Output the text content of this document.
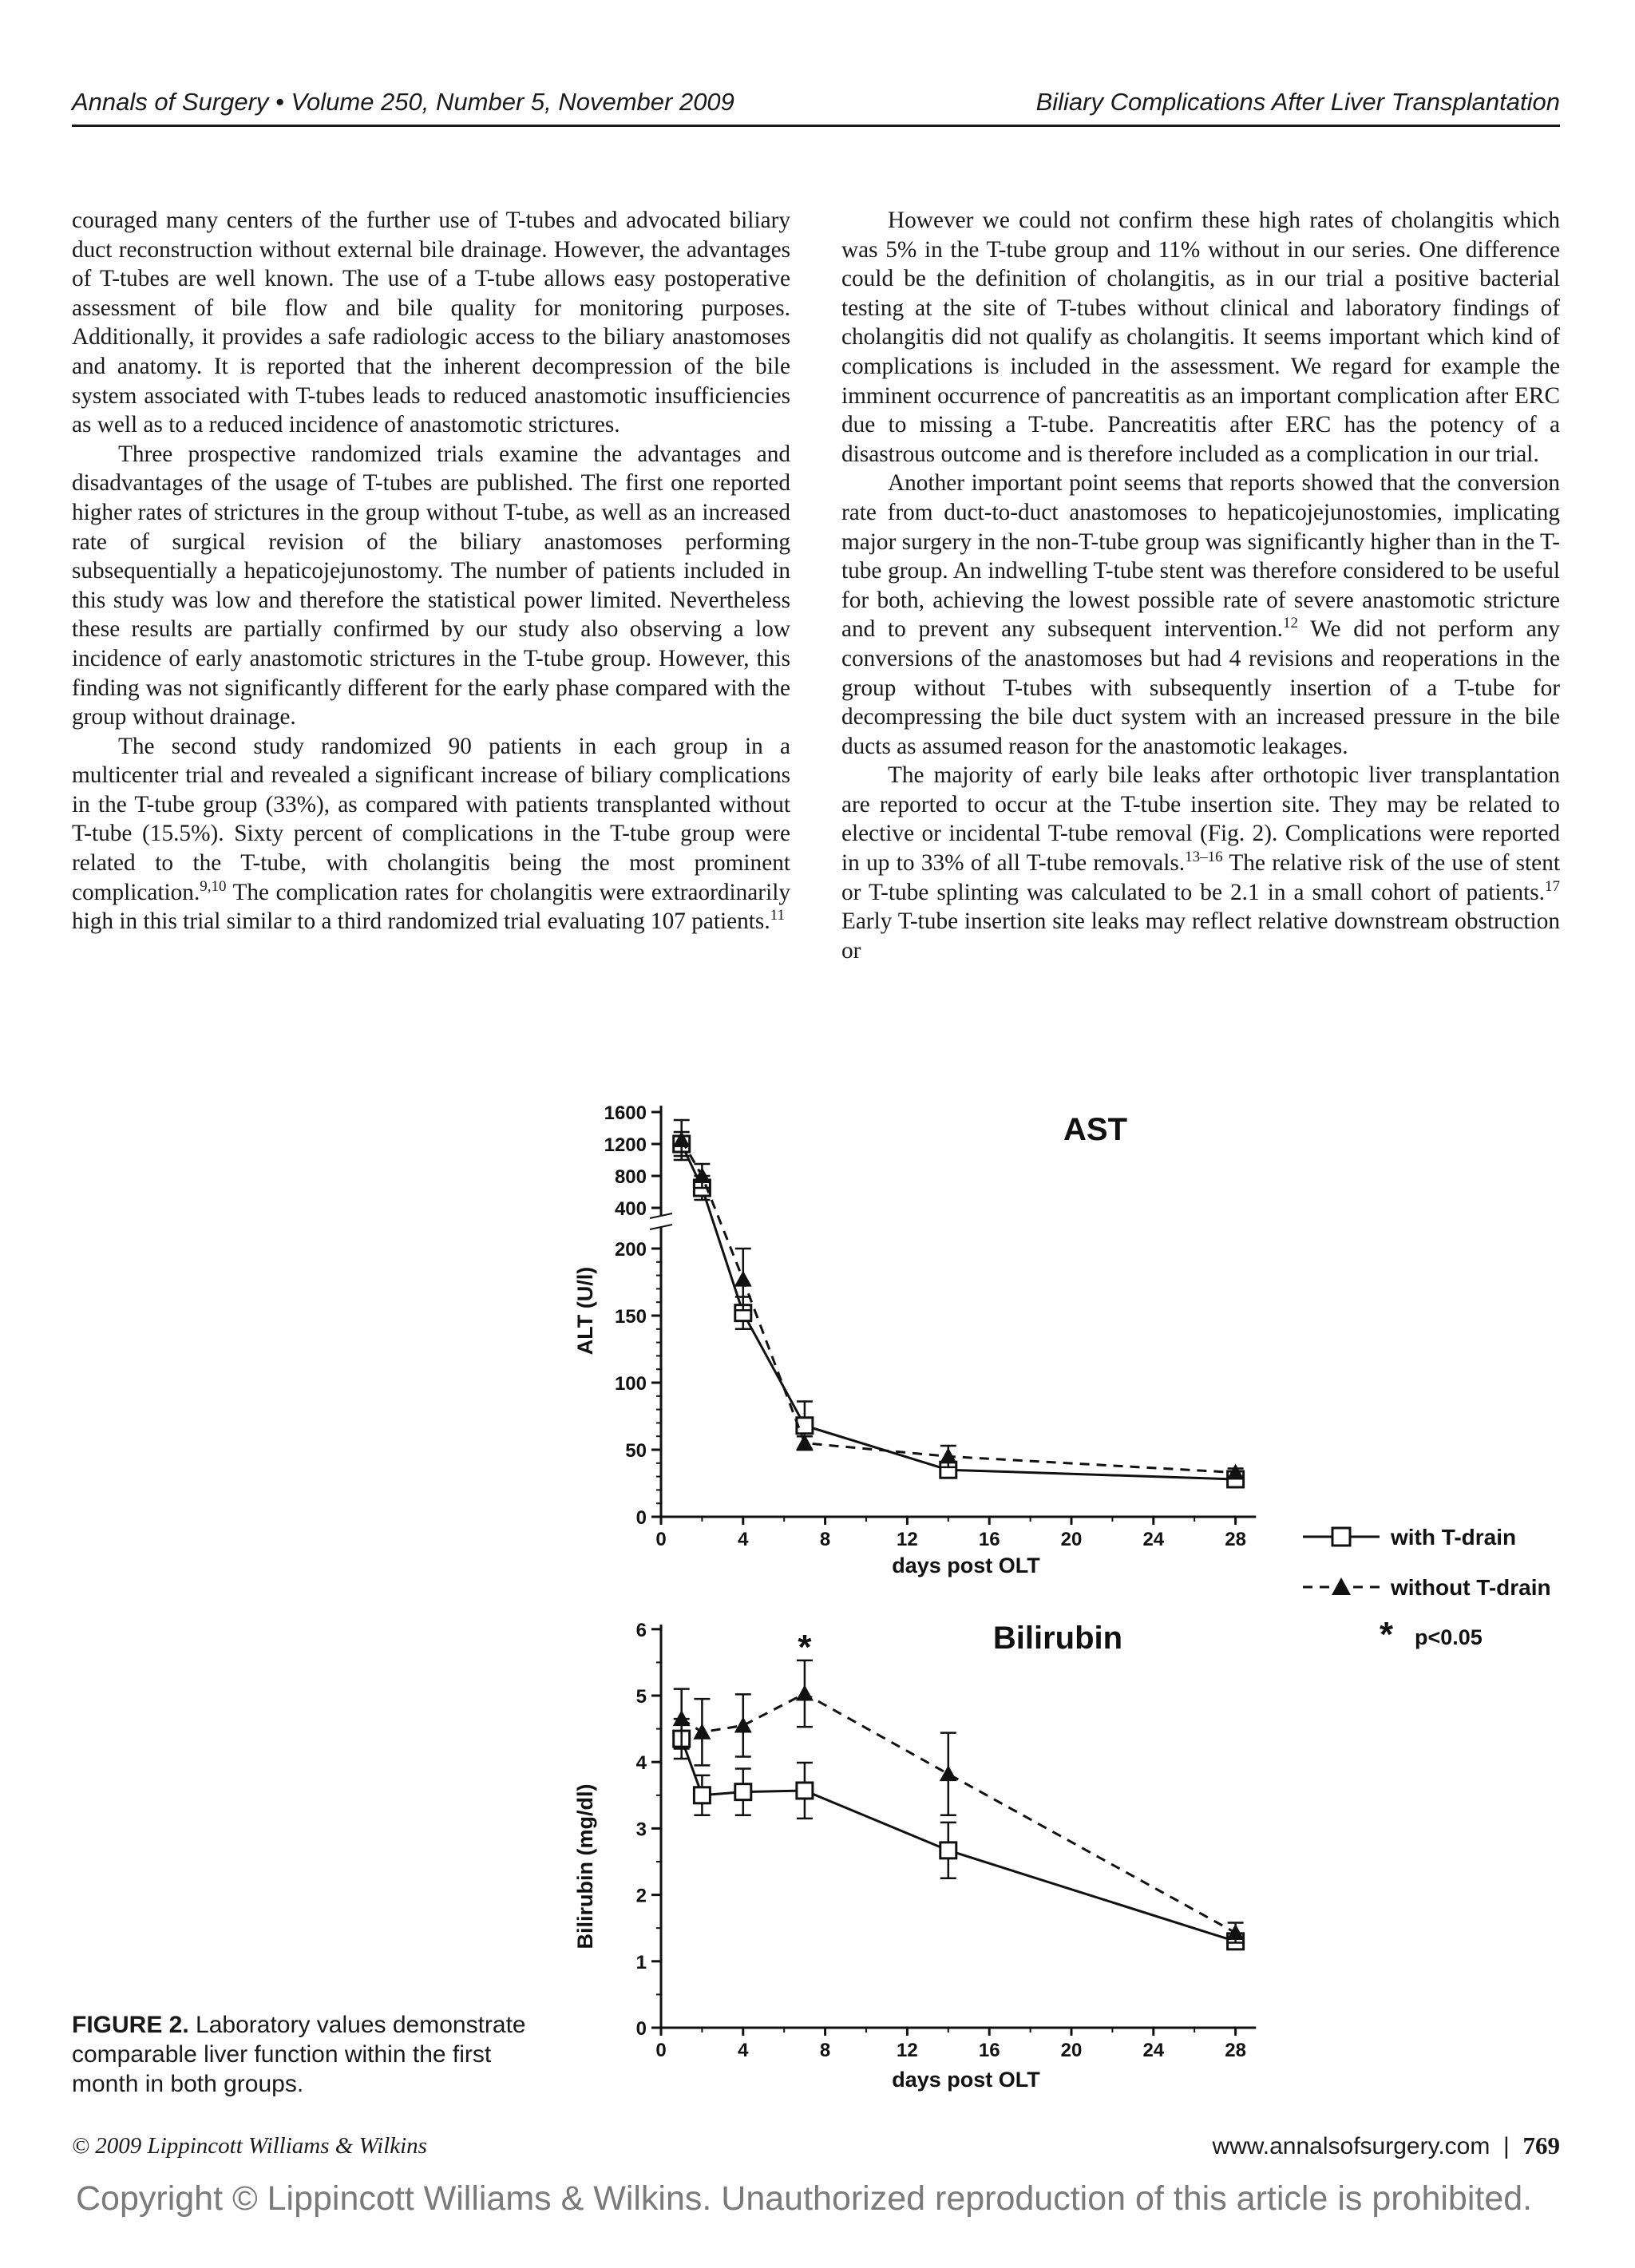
Annals of Surgery • Volume 250, Number 5, November 2009	Biliary Complications After Liver Transplantation

couraged many centers of the further use of T-tubes and advocated biliary duct reconstruction without external bile drainage. However, the advantages of T-tubes are well known. The use of a T-tube allows easy postoperative assessment of bile flow and bile quality for monitoring purposes. Additionally, it provides a safe radiologic access to the biliary anastomoses and anatomy. It is reported that the inherent decompression of the bile system associated with T-tubes leads to reduced anastomotic insufficiencies as well as to a reduced incidence of anastomotic strictures.

Three prospective randomized trials examine the advantages and disadvantages of the usage of T-tubes are published. The first one reported higher rates of strictures in the group without T-tube, as well as an increased rate of surgical revision of the biliary anastomoses performing subsequentially a hepaticojejunostomy. The number of patients included in this study was low and therefore the statistical power limited. Nevertheless these results are partially confirmed by our study also observing a low incidence of early anastomotic strictures in the T-tube group. However, this finding was not significantly different for the early phase compared with the group without drainage.

The second study randomized 90 patients in each group in a multicenter trial and revealed a significant increase of biliary complications in the T-tube group (33%), as compared with patients transplanted without T-tube (15.5%). Sixty percent of complications in the T-tube group were related to the T-tube, with cholangitis being the most prominent complication.$^{9,10}$ The complication rates for cholangitis were extraordinarily high in this trial similar to a third randomized trial evaluating 107 patients.$^{11}$

However we could not confirm these high rates of cholangitis which was 5% in the T-tube group and 11% without in our series. One difference could be the definition of cholangitis, as in our trial a positive bacterial testing at the site of T-tubes without clinical and laboratory findings of cholangitis did not qualify as cholangitis. It seems important which kind of complications is included in the assessment. We regard for example the imminent occurrence of pancreatitis as an important complication after ERC due to missing a T-tube. Pancreatitis after ERC has the potency of a disastrous outcome and is therefore included as a complication in our trial.

Another important point seems that reports showed that the conversion rate from duct-to-duct anastomoses to hepaticojejunostomies, implicating major surgery in the non-T-tube group was significantly higher than in the T-tube group. An indwelling T-tube stent was therefore considered to be useful for both, achieving the lowest possible rate of severe anastomotic stricture and to prevent any subsequent intervention.$^{12}$ We did not perform any conversions of the anastomoses but had 4 revisions and reoperations in the group without T-tubes with subsequently insertion of a T-tube for decompressing the bile duct system with an increased pressure in the bile ducts as assumed reason for the anastomotic leakages.

The majority of early bile leaks after orthotopic liver transplantation are reported to occur at the T-tube insertion site. They may be related to elective or incidental T-tube removal (Fig. 2). Complications were reported in up to 33% of all T-tube removals.$^{13-16}$ The relative risk of the use of stent or T-tube splinting was calculated to be 2.1 in a small cohort of patients.$^{17}$ Early T-tube insertion site leaks may reflect relative downstream obstruction or

AST
ALT (U/l)
days post OLT
0	4	8	12	16	20	24	28
0
50
100
150
200
400
800
1200
1600
with T-drain
without T-drain
* p<0.05
Bilirubin
Bilirubin (mg/dl)
days post OLT
0	4	8	12	16	20	24	28
0
1
2
3
4
5
6	*
FIGURE 2. Laboratory values demonstrate comparable liver function within the first month in both groups.
© 2009 Lippincott Williams & Wilkins	www.annalsofsurgery.com | 769
Copyright © Lippincott Williams & Wilkins. Unauthorized reproduction of this article is prohibited.
